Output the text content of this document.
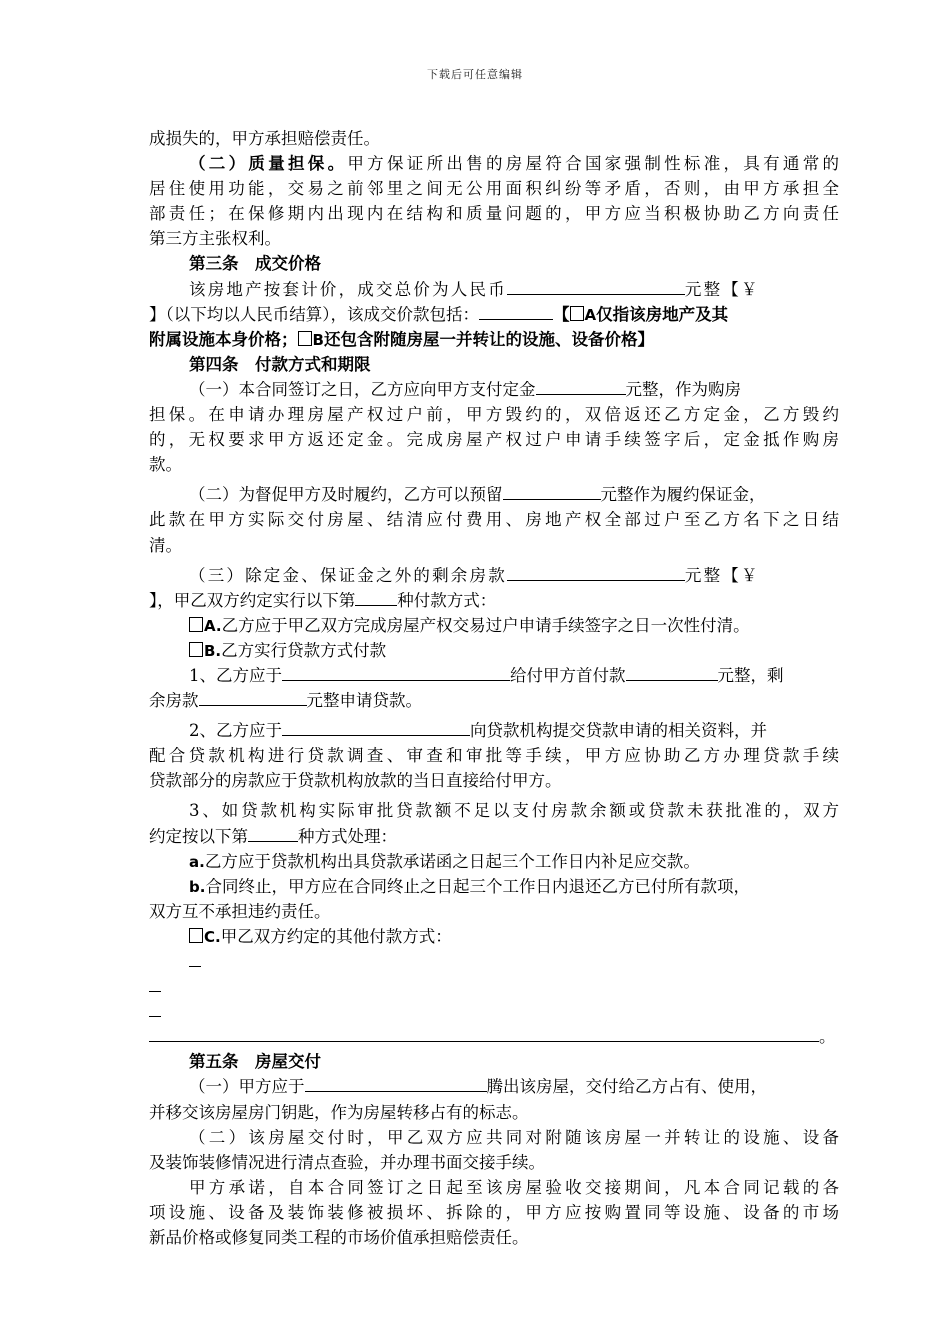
下载后可任意编辑
成损失的，甲方承担赔偿责任。
（二）质量担保。甲方保证所出售的房屋符合国家强制性标准，具有通常的
居住使用功能，交易之前邻里之间无公用面积纠纷等矛盾，否则，由甲方承担全
部责任；在保修期内出现内在结构和质量问题的，甲方应当积极协助乙方向责任
第三方主张权利。
第三条　成交价格
该房地产按套计价，成交总价为人民币	元整【￥
】（以下均以人民币结算），该成交价款包括：	【 A仅指该房地产及其
附属设施本身价格； B还包含附随房屋一并转让的设施、设备价格】
第四条　付款方式和期限
（一）本合同签订之日，乙方应向甲方支付定金	元整，作为购房
担保。在申请办理房屋产权过户前，甲方毁约的，双倍返还乙方定金，乙方毁约
的，无权要求甲方返还定金。完成房屋产权过户申请手续签字后，定金抵作购房
款。
（二）为督促甲方及时履约，乙方可以预留	元整作为履约保证金，
此款在甲方实际交付房屋、结清应付费用、房地产权全部过户至乙方名下之日结
清。
（三）除定金、保证金之外的剩余房款	元整【￥
】，甲乙双方约定实行以下第	种付款方式：
A.乙方应于甲乙双方完成房屋产权交易过户申请手续签字之日一次性付清。
B.乙方实行贷款方式付款
1、乙方应于	给付甲方首付款	元整，剩
余房款	元整申请贷款。
2、乙方应于	向贷款机构提交贷款申请的相关资料，并
配合贷款机构进行贷款调查、审查和审批等手续，甲方应协助乙方办理贷款手续
贷款部分的房款应于贷款机构放款的当日直接给付甲方。
3、如贷款机构实际审批贷款额不足以支付房款余额或贷款未获批准的，双方
约定按以下第	种方式处理：
a.乙方应于贷款机构出具贷款承诺函之日起三个工作日内补足应交款。
b.合同终止，甲方应在合同终止之日起三个工作日内退还乙方已付所有款项，
双方互不承担违约责任。
C.甲乙双方约定的其他付款方式：
。
第五条　房屋交付
（一）甲方应于	腾出该房屋，交付给乙方占有、使用，
并移交该房屋房门钥匙，作为房屋转移占有的标志。
（二）该房屋交付时，甲乙双方应共同对附随该房屋一并转让的设施、设备
及装饰装修情况进行清点查验，并办理书面交接手续。
甲方承诺，自本合同签订之日起至该房屋验收交接期间，凡本合同记载的各
项设施、设备及装饰装修被损坏、拆除的，甲方应按购置同等设施、设备的市场
新品价格或修复同类工程的市场价值承担赔偿责任。
